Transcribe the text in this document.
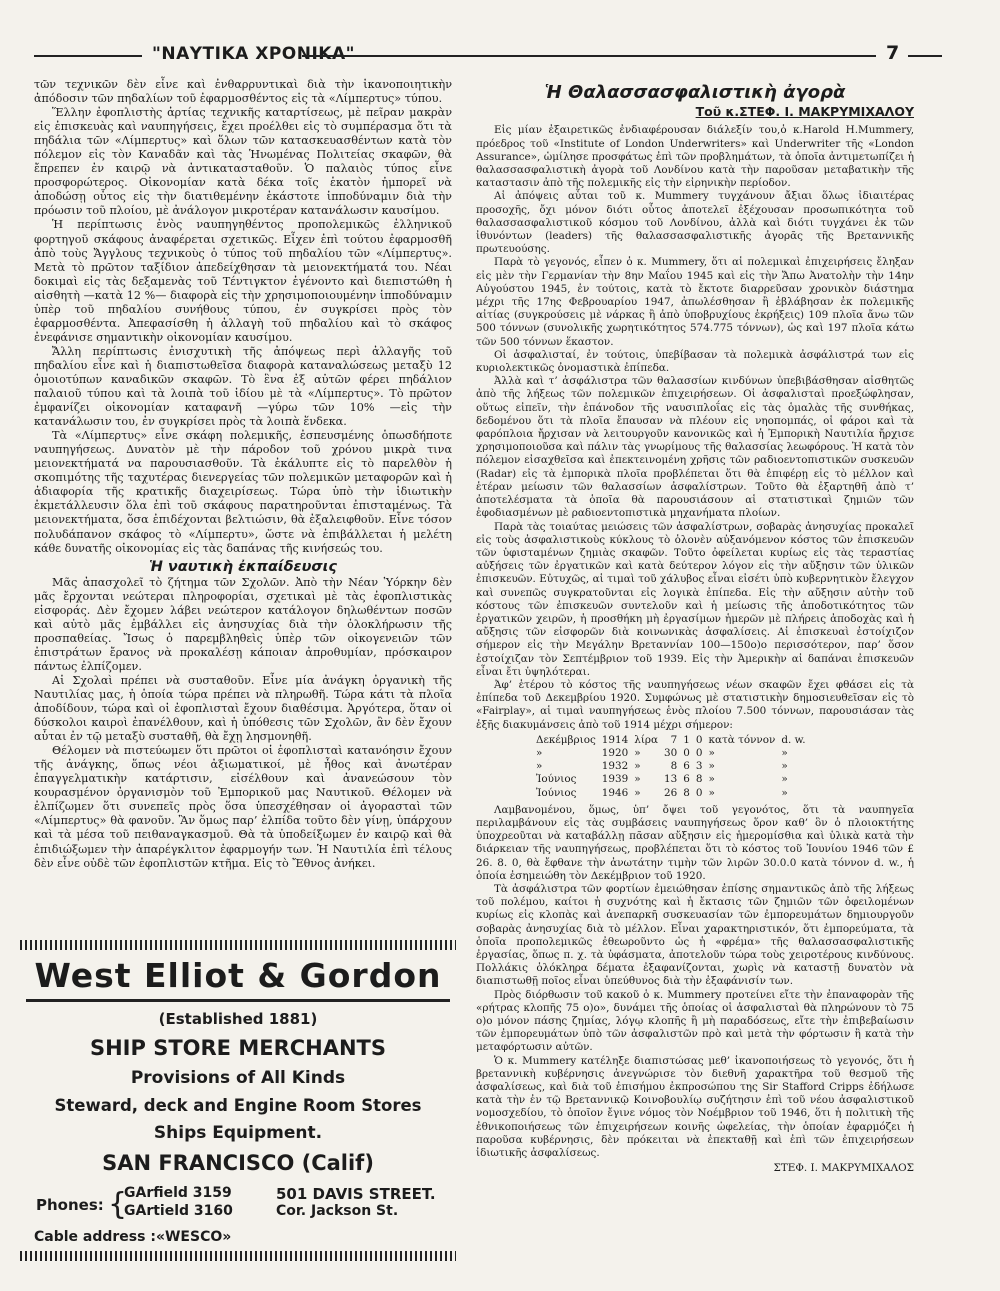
"ΝΑΥΤΙΚΑ ΧΡΟΝΙΚΑ"	7

τῶν τεχνικῶν δὲν εἶνε καὶ ἐνθαρρυντικαὶ διὰ τὴν ἱκανοποιητικὴν ἀπόδοσιν τῶν πηδαλίων τοῦ ἐφαρμοσθέντος εἰς τὰ «Λίμπερτυς» τύπου.

Ἕλλην ἐφοπλιστὴς ἀρτίας τεχνικῆς καταρτίσεως, μὲ πεῖραν μακρὰν εἰς ἐπισκευὰς καὶ ναυπηγήσεις, ἔχει προέλθει εἰς τὸ συμπέρασμα ὅτι τὰ πηδάλια τῶν «Λίμπερτυς» καὶ ὅλων τῶν κατασκευασθέντων κατὰ τὸν πόλεμον εἰς τὸν Καναδᾶν καὶ τὰς Ἡνωμένας Πολιτείας σκαφῶν, θὰ ἔπρεπεν ἐν καιρῷ νὰ ἀντικατασταθοῦν. Ὁ παλαιὸς τύπος εἶνε προσφορώτερος. Οἰκονομίαν κατὰ δέκα τοῖς ἑκατὸν ἠμπορεῖ νὰ ἀποδώσῃ οὗτος εἰς τὴν διατιθεμένην ἑκάστοτε ἱπποδύναμιν διὰ τὴν πρόωσιν τοῦ πλοίου, μὲ ἀνάλογον μικροτέραν κατανάλωσιν καυσίμου.

Ἡ περίπτωσις ἑνὸς ναυπηγηθέντος προπολεμικῶς ἑλληνικοῦ φορτηγοῦ σκάφους ἀναφέρεται σχετικῶς. Εἶχεν ἐπὶ τούτου ἐφαρμοσθῆ ἀπὸ τοὺς Ἄγγλους τεχνικοὺς ὁ τύπος τοῦ πηδαλίου τῶν «Λίμπερτυς». Μετὰ τὸ πρῶτον ταξίδιον ἀπεδείχθησαν τὰ μειονεκτήματά του. Νέαι δοκιμαὶ εἰς τὰς δεξαμενὰς τοῦ Τέντιγκτον ἐγένοντο καὶ διεπιστώθη ἡ αἰσθητὴ —κατὰ 12 %— διαφορὰ εἰς τὴν χρησιμοποιουμένην ἱπποδύναμιν ὑπὲρ τοῦ πηδαλίου συνήθους τύπου, ἐν συγκρίσει πρὸς τὸν ἐφαρμοσθέντα. Ἀπεφασίσθη ἡ ἀλλαγὴ τοῦ πηδαλίου καὶ τὸ σκάφος ἐνεφάνισε σημαντικὴν οἰκονομίαν καυσίμου.

Ἄλλη περίπτωσις ἐνισχυτικὴ τῆς ἀπόψεως περὶ ἀλλαγῆς τοῦ πηδαλίου εἶνε καὶ ἡ διαπιστωθεῖσα διαφορὰ καταναλώσεως μεταξὺ 12 ὁμοιοτύπων καναδικῶν σκαφῶν. Τὸ ἓνα ἐξ αὐτῶν φέρει πηδάλιον παλαιοῦ τύπου καὶ τὰ λοιπὰ τοῦ ἰδίου μὲ τὰ «Λίμπερτυς». Τὸ πρῶτον ἐμφανίζει οἰκονομίαν καταφανῆ —γύρω τῶν 10% —εἰς τὴν κατανάλωσιν του, ἐν συγκρίσει πρὸς τὰ λοιπὰ ἕνδεκα.

Τὰ «Λίμπερτυς» εἶνε σκάφη πολεμικῆς, ἐσπευσμένης ὁπωσδήποτε ναυπηγήσεως. Δυνατὸν μὲ τὴν πάροδον τοῦ χρόνου μικρὰ τινα μειονεκτήματά να παρουσιασθοῦν. Τὰ ἐκάλυπτε εἰς τὸ παρελθὸν ἡ σκοπιμότης τῆς ταχυτέρας διενεργείας τῶν πολεμικῶν μεταφορῶν καὶ ἡ ἀδιαφορία τῆς κρατικῆς διαχειρίσεως. Τώρα ὑπὸ τὴν ἰδιωτικὴν ἐκμετάλλευσιν ὅλα ἐπὶ τοῦ σκάφους παρατηροῦνται ἐπισταμένως. Τὰ μειονεκτήματα, ὅσα ἐπιδέχονται βελτιώσιν, θὰ ἐξαλειφθοῦν. Εἶνε τόσον πολυδάπανον σκάφος τὸ «Λίμπερτυ», ὥστε νὰ ἐπιβάλλεται ἡ μελέτη κάθε δυνατῆς οἰκονομίας εἰς τὰς δαπάνας τῆς κινήσεώς του.

Ἡ ναυτικὴ ἐκπαίδευσις

Μᾶς ἀπασχολεῖ τὸ ζήτημα τῶν Σχολῶν. Ἀπὸ τὴν Νέαν Ὑόρκην δὲν μᾶς ἔρχονται νεώτεραι πληροφορίαι, σχετικαὶ μὲ τὰς ἐφοπλιστικὰς εἰσφοράς. Δὲν ἔχομεν λάβει νεώτερον κατάλογον δηλωθέντων ποσῶν καὶ αὐτὸ μᾶς ἐμβάλλει εἰς ἀνησυχίας διὰ τὴν ὁλοκλήρωσιν τῆς προσπαθείας. Ἴσως ὁ παρεμβληθεὶς ὑπὲρ τῶν οἰκογενειῶν τῶν ἐπιστράτων ἔρανος νὰ προκαλέσῃ κάποιαν ἀπροθυμίαν, πρόσκαιρον πάντως ἐλπίζομεν.

Αἱ Σχολαὶ πρέπει νὰ συσταθοῦν. Εἶνε μία ἀνάγκη ὀργανικὴ τῆς Ναυτιλίας μας, ἡ ὁποία τώρα πρέπει νὰ πληρωθῆ. Τώρα κάτι τὰ πλοῖα ἀποδίδουν, τώρα καὶ οἱ ἐφοπλισταὶ ἔχουν διαθέσιμα. Ἀργότερα, ὅταν οἱ δύσκολοι καιροὶ ἐπανέλθουν, καὶ ἡ ὑπόθεσις τῶν Σχολῶν, ἂν δὲν ἔχουν αὗται ἐν τῷ μεταξὺ συσταθῆ, θὰ ἔχῃ λησμονηθῆ.

Θέλομεν νὰ πιστεύωμεν ὅτι πρῶτοι οἱ ἐφοπλισταὶ κατανόησιν ἔχουν τῆς ἀνάγκης, ὅπως νέοι ἀξιωματικοί, μὲ ἦθος καὶ ἀνωτέραν ἐπαγγελματικὴν κατάρτισιν, εἰσέλθουν καὶ ἀνανεώσουν τὸν κουρασμένον ὀργανισμὸν τοῦ Ἐμπορικοῦ μας Ναυτικοῦ. Θέλομεν νὰ ἐλπίζωμεν ὅτι συνεπεῖς πρὸς ὅσα ὑπεσχέθησαν οἱ ἀγορασταὶ τῶν «Λίμπερτυς» θὰ φανοῦν. Ἂν ὅμως παρ’ ἐλπίδα τοῦτο δὲν γίνῃ, ὑπάρχουν καὶ τὰ μέσα τοῦ πειθαναγκασμοῦ. Θὰ τὰ ὑποδείξωμεν ἐν καιρῷ καὶ θὰ ἐπιδιώξωμεν τὴν ἀπαρέγκλιτον ἐφαρμογήν των. Ἡ Ναυτιλία ἐπὶ τέλους δὲν εἶνε οὐδὲ τῶν ἐφοπλιστῶν κτῆμα. Εἰς τὸ Ἔθνος ἀνήκει.

West Elliot & Gordon
(Established 1881)
SHIP STORE MERCHANTS
Provisions of All Kinds
Steward, deck and Engine Room Stores
Ships Equipment.
SAN FRANCISCO (Calif)
Phones: {
GArfield 3159
GArtield 3160
501 DAVIS STREET.
Cor. Jackson St.
Cable address :«WESCO»
Ἡ Θαλασσασφαλιστικὴ ἀγορὰ
Τοῦ κ.ΣΤΕΦ. Ι. ΜΑΚΡΥΜΙΧΑΛΟΥ

Εἰς μίαν ἐξαιρετικῶς ἐνδιαφέρουσαν διάλεξίν του,ὁ κ.Harold H.Mummery, πρόεδρος τοῦ «Institute of London Underwriters» καὶ Underwriter τῆς «London Assurance», ὡμίλησε προσφάτως ἐπὶ τῶν προβλημάτων, τὰ ὁποῖα ἀντιμετωπίζει ἡ θαλασσασφαλιστικὴ ἀγορὰ τοῦ Λονδίνου κατὰ τὴν παροῦσαν μεταβατικὴν τῆς καταστασιν ἀπὸ τῆς πολεμικῆς εἰς τὴν εἰρηνικὴν περίοδον.

Αἱ ἀπόψεις αὗται τοῦ κ. Mummery τυγχάνουν ἄξιαι ὅλως ἰδιαιτέρας προσοχῆς, ὄχι μόνον διότι οὗτος ἀποτελεῖ ἐξέχουσαν προσωπικότητα τοῦ θαλασσασφαλιστικοῦ κόσμου τοῦ Λονδίνου, ἀλλὰ καὶ διότι τυγχάνει ἐκ τῶν ἰθυνόντων (leaders) τῆς θαλασσασφαλιστικῆς ἀγορᾶς τῆς Βρεταννικῆς πρωτευούσης.

Παρὰ τὸ γεγονός, εἶπεν ὁ κ. Mummery, ὅτι αἱ πολεμικαὶ ἐπιχειρήσεις ἔληξαν εἰς μὲν τὴν Γερμανίαν τὴν 8ην Μαΐου 1945 καὶ εἰς τὴν Ἄπω Ἀνατολὴν τὴν 14ην Αὐγούστου 1945, ἐν τούτοις, κατὰ τὸ ἔκτοτε διαρρεῦσαν χρονικὸν διάστημα μέχρι τῆς 17ης Φεβρουαρίου 1947, ἀπωλέσθησαν ἢ ἐβλάβησαν ἐκ πολεμικῆς αἰτίας (συγκρούσεις μὲ νάρκας ἢ ἀπὸ ὑποβρυχίους ἐκρήξεις) 109 πλοῖα ἄνω τῶν 500 τόννων (συνολικῆς χωρητικότητος 574.775 τόννων), ὡς καὶ 197 πλοῖα κάτω τῶν 500 τόννων ἕκαστον.

Οἱ ἀσφαλισταί, ἐν τούτοις, ὑπεβίβασαν τὰ πολεμικὰ ἀσφάλιστρά των εἰς κυριολεκτικῶς ὀνομαστικὰ ἐπίπεδα.

Ἀλλὰ καὶ τ’ ἀσφάλιστρα τῶν θαλασσίων κινδύνων ὑπεβιβάσθησαν αἰσθητῶς ἀπὸ τῆς λήξεως τῶν πολεμικῶν ἐπιχειρήσεων. Οἱ ἀσφαλισταὶ προεξώφλησαν, οὕτως εἰπεῖν, τὴν ἐπάνοδον τῆς ναυσιπλοΐας εἰς τὰς ὁμαλὰς τῆς συνθήκας, δεδομένου ὅτι τὰ πλοῖα ἔπαυσαν νὰ πλέουν εἰς νηοπομπάς, οἱ φάροι καὶ τὰ φαρόπλοια ἤρχισαν νὰ λειτουργοῦν κανονικῶς καὶ ἡ Ἐμπορικὴ Ναυτιλία ἤρχισε χρησιμοποιοῦσα καὶ πάλιν τὰς γνωρίμους τῆς θαλασσίας λεωφόρους. Ἡ κατὰ τὸν πόλεμον εἰσαχθεῖσα καὶ ἐπεκτεινομένη χρῆσις τῶν ραδιοεντοπιστικῶν συσκευῶν (Radar) εἰς τὰ ἐμπορικὰ πλοῖα προβλέπεται ὅτι θὰ ἐπιφέρῃ εἰς τὸ μέλλον καὶ ἑτέραν μείωσιν τῶν θαλασσίων ἀσφαλίστρων. Τοῦτο θὰ ἐξαρτηθῆ ἀπὸ τ’ ἀποτελέσματα τὰ ὁποῖα θὰ παρουσιάσουν αἱ στατιστικαὶ ζημιῶν τῶν ἐφοδιασμένων μὲ ραδιοεντοπιστικὰ μηχανήματα πλοίων.

Παρὰ τὰς τοιαύτας μειώσεις τῶν ἀσφαλίστρων, σοβαρὰς ἀνησυχίας προκαλεῖ εἰς τοὺς ἀσφαλιστικοὺς κύκλους τὸ ὁλονὲν αὐξανόμενον κόστος τῶν ἐπισκευῶν τῶν ὑφισταμένων ζημιὰς σκαφῶν. Τοῦτο ὀφείλεται κυρίως εἰς τὰς τεραστίας αὐξήσεις τῶν ἐργατικῶν καὶ κατὰ δεύτερον λόγον εἰς τὴν αὔξησιν τῶν ὑλικῶν ἐπισκευῶν. Εὐτυχῶς, αἱ τιμαὶ τοῦ χάλυβος εἶναι εἰσέτι ὑπὸ κυβερνητικὸν ἔλεγχον καὶ συνεπῶς συγκρατοῦνται εἰς λογικὰ ἐπίπεδα. Εἰς τὴν αὔξησιν αὐτὴν τοῦ κόστους τῶν ἐπισκευῶν συντελοῦν καὶ ἡ μείωσις τῆς ἀποδοτικότητος τῶν ἐργατικῶν χειρῶν, ἡ προσθήκη μὴ ἐργασίμων ἡμερῶν μὲ πλήρεις ἀποδοχὰς καὶ ἡ αὔξησις τῶν εἰσφορῶν διὰ κοινωνικὰς ἀσφαλίσεις. Αἱ ἐπισκευαὶ ἐστοίχιζον σήμερον εἰς τὴν Μεγάλην Βρεταννίαν 100—150ο)ο περισσότερον, παρ’ ὅσον ἐστοίχιζαν τὸν Σεπτέμβριον τοῦ 1939. Εἰς τὴν Ἀμερικὴν αἱ δαπάναι ἐπισκευῶν εἶναι ἔτι ὑψηλότεραι.

Ἀφ’ ἑτέρου τὸ κόστος τῆς ναυπηγήσεως νέων σκαφῶν ἔχει φθάσει εἰς τὰ ἐπίπεδα τοῦ Δεκεμβρίου 1920. Συμφώνως μὲ στατιστικὴν δημοσιευθεῖσαν εἰς τὸ «Fairplay», αἱ τιμαὶ ναυπηγήσεως ἑνὸς πλοίου 7.500 τόννων, παρουσιάσαν τὰς ἑξῆς διακυμάνσεις ἀπὸ τοῦ 1914 μέχρι σήμερον:

Δεκέμβριος	1914	λίρα	7	1	0	κατὰ τόννον	d. w.
»	1920	»	30	0	0	»	»
»	1932	»	8	6	3	»	»
Ἰούνιος	1939	»	13	6	8	»	»
Ἰούνιος	1946	»	26	8	0	»	»

Λαμβανομένου, ὅμως, ὑπ’ ὄψει τοῦ γεγονότος, ὅτι τὰ ναυπηγεῖα περιλαμβάνουν εἰς τὰς συμβάσεις ναυπηγήσεως ὅρον καθ’ ὃν ὁ πλοιοκτήτης ὑποχρεοῦται νὰ καταβάλλῃ πᾶσαν αὔξησιν εἰς ἡμερομίσθια καὶ ὑλικὰ κατὰ τὴν διάρκειαν τῆς ναυπηγήσεως, προβλέπεται ὅτι τὸ κόστος τοῦ Ἰουνίου 1946 τῶν £ 26. 8. 0, θὰ ἔφθανε τὴν ἀνωτάτην τιμὴν τῶν λιρῶν 30.0.0 κατὰ τόννον d. w., ἡ ὁποία ἐσημειώθη τὸν Δεκέμβριον τοῦ 1920.

Τὰ ἀσφάλιστρα τῶν φορτίων ἐμειώθησαν ἐπίσης σημαντικῶς ἀπὸ τῆς λήξεως τοῦ πολέμου, καίτοι ἡ συχνότης καὶ ἡ ἔκτασις τῶν ζημιῶν τῶν ὀφειλομένων κυρίως εἰς κλοπὰς καὶ ἀνεπαρκῆ συσκευασίαν τῶν ἐμπορευμάτων δημιουργοῦν σοβαρὰς ἀνησυχίας διὰ τὸ μέλλον. Εἶναι χαρακτηριστικόν, ὅτι ἐμπορεύματα, τὰ ὁποῖα προπολεμικῶς ἐθεωροῦντο ὡς ἡ «φρέμα» τῆς θαλασσασφαλιστικῆς ἐργασίας, ὅπως π. χ. τὰ ὑφάσματα, ἀποτελοῦν τώρα τοὺς χειροτέρους κινδύνους. Πολλάκις ὁλόκληρα δέματα ἐξαφανίζονται, χωρὶς νὰ καταστῇ δυνατὸν νὰ διαπιστωθῇ ποῖος εἶναι ὑπεύθυνος διὰ τὴν ἐξαφάνισίν των.

Πρὸς διόρθωσιν τοῦ κακοῦ ὁ κ. Mummery προτείνει εἴτε τὴν ἐπαναφορὰν τῆς «ρήτρας κλοπῆς 75 ο)ο», δυνάμει τῆς ὁποίας οἱ ἀσφαλισταὶ θὰ πληρώνουν τὸ 75 ο)ο μόνον πάσης ζημίας, λόγῳ κλοπῆς ἢ μὴ παραδόσεως, εἴτε τὴν ἐπιβεβαίωσιν τῶν ἐμπορευμάτων ὑπὸ τῶν ἀσφαλιστῶν πρὸ καὶ μετὰ τὴν φόρτωσιν ἢ κατὰ τὴν μεταφόρτωσιν αὐτῶν.

Ὁ κ. Mummery κατέληξε διαπιστώσας μεθ’ ἱκανοποιήσεως τὸ γεγονός, ὅτι ἡ βρεταννικὴ κυβέρνησις ἀνεγνώρισε τὸν διεθνῆ χαρακτῆρα τοῦ θεσμοῦ τῆς ἀσφαλίσεως, καὶ διὰ τοῦ ἐπισήμου ἐκπροσώπου της Sir Stafford Cripps ἐδήλωσε κατὰ τὴν ἐν τῷ Βρεταννικῷ Κοινοβουλίῳ συζήτησιν ἐπὶ τοῦ νέου ἀσφαλιστικοῦ νομοσχεδίου, τὸ ὁποῖον ἔγινε νόμος τὸν Νοέμβριον τοῦ 1946, ὅτι ἡ πολιτικὴ τῆς ἐθνικοποιήσεως τῶν ἐπιχειρήσεων κοινῆς ὠφελείας, τὴν ὁποίαν ἐφαρμόζει ἡ παροῦσα κυβέρνησις, δὲν πρόκειται νὰ ἐπεκταθῇ καὶ ἐπὶ τῶν ἐπιχειρήσεων ἰδιωτικῆς ἀσφαλίσεως.

ΣΤΕΦ. Ι. ΜΑΚΡΥΜΙΧΑΛΟΣ
